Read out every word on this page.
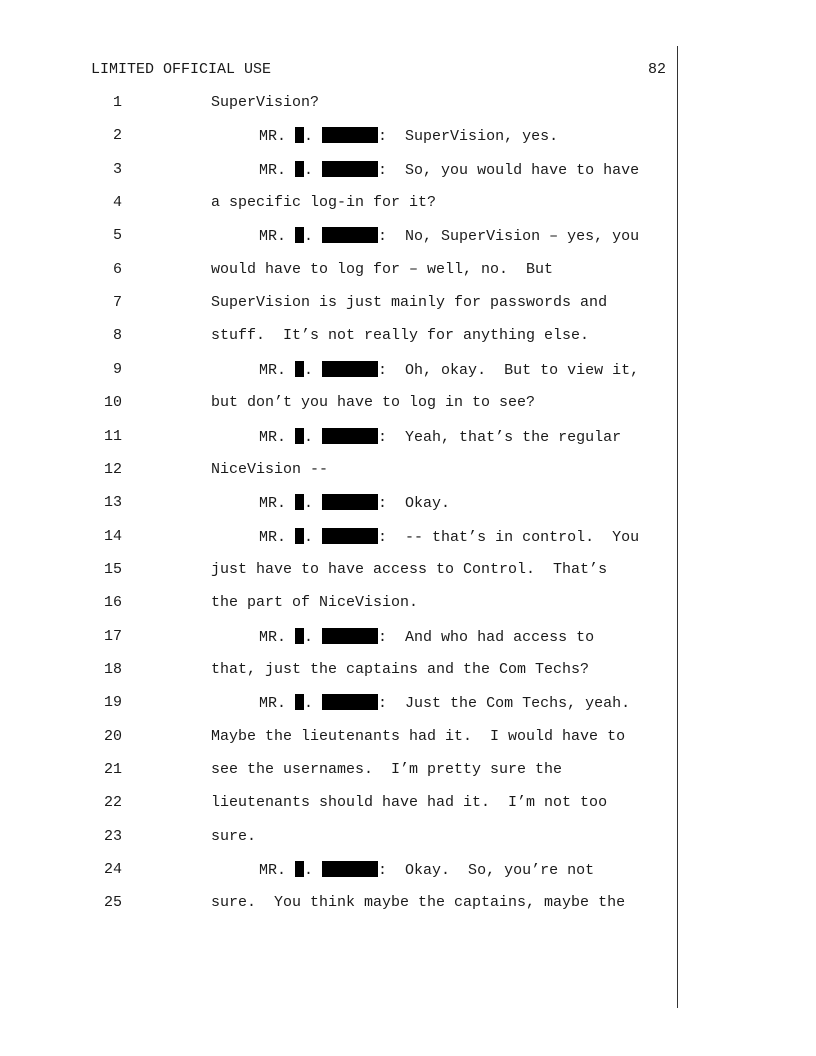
LIMITED OFFICIAL USE	82
1	SuperVision?
2	MR. .	:  SuperVision, yes.
3	MR. .	:  So, you would have to have
4	a specific log-in for it?
5	MR. .	:  No, SuperVision – yes, you
6	would have to log for – well, no.  But
7	SuperVision is just mainly for passwords and
8	stuff.  It’s not really for anything else.
9	MR. .	:  Oh, okay.  But to view it,
10	but don’t you have to log in to see?
11	MR. .	:  Yeah, that’s the regular
12	NiceVision --
13	MR. .	:  Okay.
14	MR. .	:  -- that’s in control.  You
15	just have to have access to Control.  That’s
16	the part of NiceVision.
17	MR. .	:  And who had access to
18	that, just the captains and the Com Techs?
19	MR. .	:  Just the Com Techs, yeah.
20	Maybe the lieutenants had it.  I would have to
21	see the usernames.  I’m pretty sure the
22	lieutenants should have had it.  I’m not too
23	sure.
24	MR. .	:  Okay.  So, you’re not
25	sure.  You think maybe the captains, maybe the
